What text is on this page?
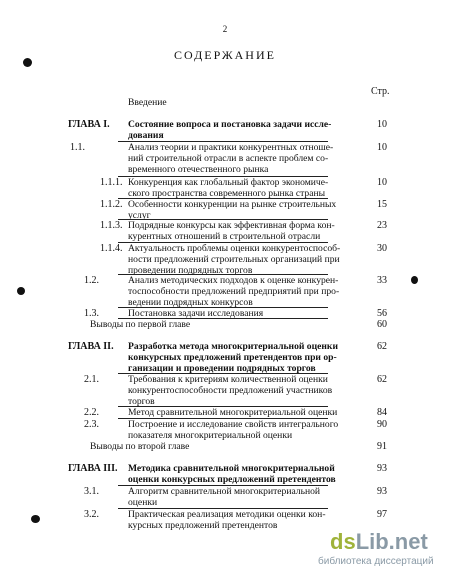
2
СОДЕРЖАНИЕ
Стр.
Введение
ГЛАВА I. Состояние вопроса и постановка задачи иссле-
дования
10
1.1.	Анализ теории и практики конкурентных отноше-
ний строительной отрасли в аспекте проблем со-
временного отечественного рынка
10
1.1.1. Конкуренция как глобальный фактор экономиче-
ского пространства современного рынка страны
10
1.1.2. Особенности конкуренции на рынке строительных
услуг
15
1.1.3. Подрядные конкурсы как эффективная форма кон-
курентных отношений в строительной отрасли
23
1.1.4. Актуальность проблемы оценки конкурентоспособ-
ности предложений строительных организаций при
проведении подрядных торгов
30
1.2.	Анализ методических подходов к оценке конкурен-
тоспособности предложений предприятий при про-
ведении подрядных конкурсов
33
1.3.	Постановка задачи исследования	56
Выводы по первой главе	60
ГЛАВА II. Разработка метода многокритериальной оценки
конкурсных предложений претендентов при ор-
ганизации и проведении подрядных торгов
62
2.1.	Требования к критериям количественной оценки
конкурентоспособности предложений участников
торгов
62
2.2.	Метод сравнительной многокритериальной оценки	84
2.3.	Построение и исследование свойств интегрального
показателя многокритериальной оценки
90
Выводы по второй главе	91
ГЛАВА III. Методика сравнительной многокритериальной
оценки конкурсных предложений претендентов
93
3.1.	Алгоритм сравнительной многокритериальной
оценки
93
3.2.	Практическая реализация методики оценки кон-
курсных предложений претендентов
97
dsLib.net
библиотека диссертаций
